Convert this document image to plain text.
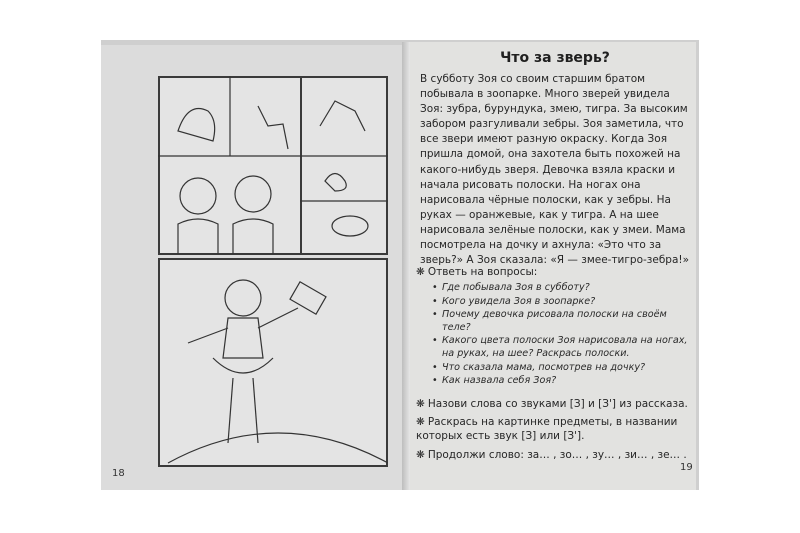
18
19
Что за зверь?

В субботу Зоя со своим старшим братом побывала в зоопарке. Много зверей увидела Зоя: зубра, бурундука, змею, тигра. За высоким забором разгуливали зебры. Зоя заметила, что все звери имеют разную окраску. Когда Зоя пришла домой, она захотела быть похожей на какого-нибудь зверя. Девочка взяла краски и начала рисовать полоски. На ногах она нарисовала чёрные полоски, как у зебры. На руках — оранжевые, как у тигра. А на шее нарисовала зелёные полоски, как у змеи. Мама посмотрела на дочку и ахнула: «Это что за зверь?» А Зоя сказала: «Я — змее-тигро-зебра!»

❋ Ответь на вопросы:

• Где побывала Зоя в субботу?
• Кого увидела Зоя в зоопарке?
• Почему девочка рисовала полоски на своём теле?
• Какого цвета полоски Зоя нарисовала на ногах, на руках, на шее? Раскрась полоски.
• Что сказала мама, посмотрев на дочку?
• Как назвала себя Зоя?

❋ Назови слова со звуками [З] и [З'] из рассказа.

❋ Раскрась на картинке предметы, в названии которых есть звук [З] или [З'].

❋ Продолжи слово: за… , зо… , зу… , зи… , зе… .
